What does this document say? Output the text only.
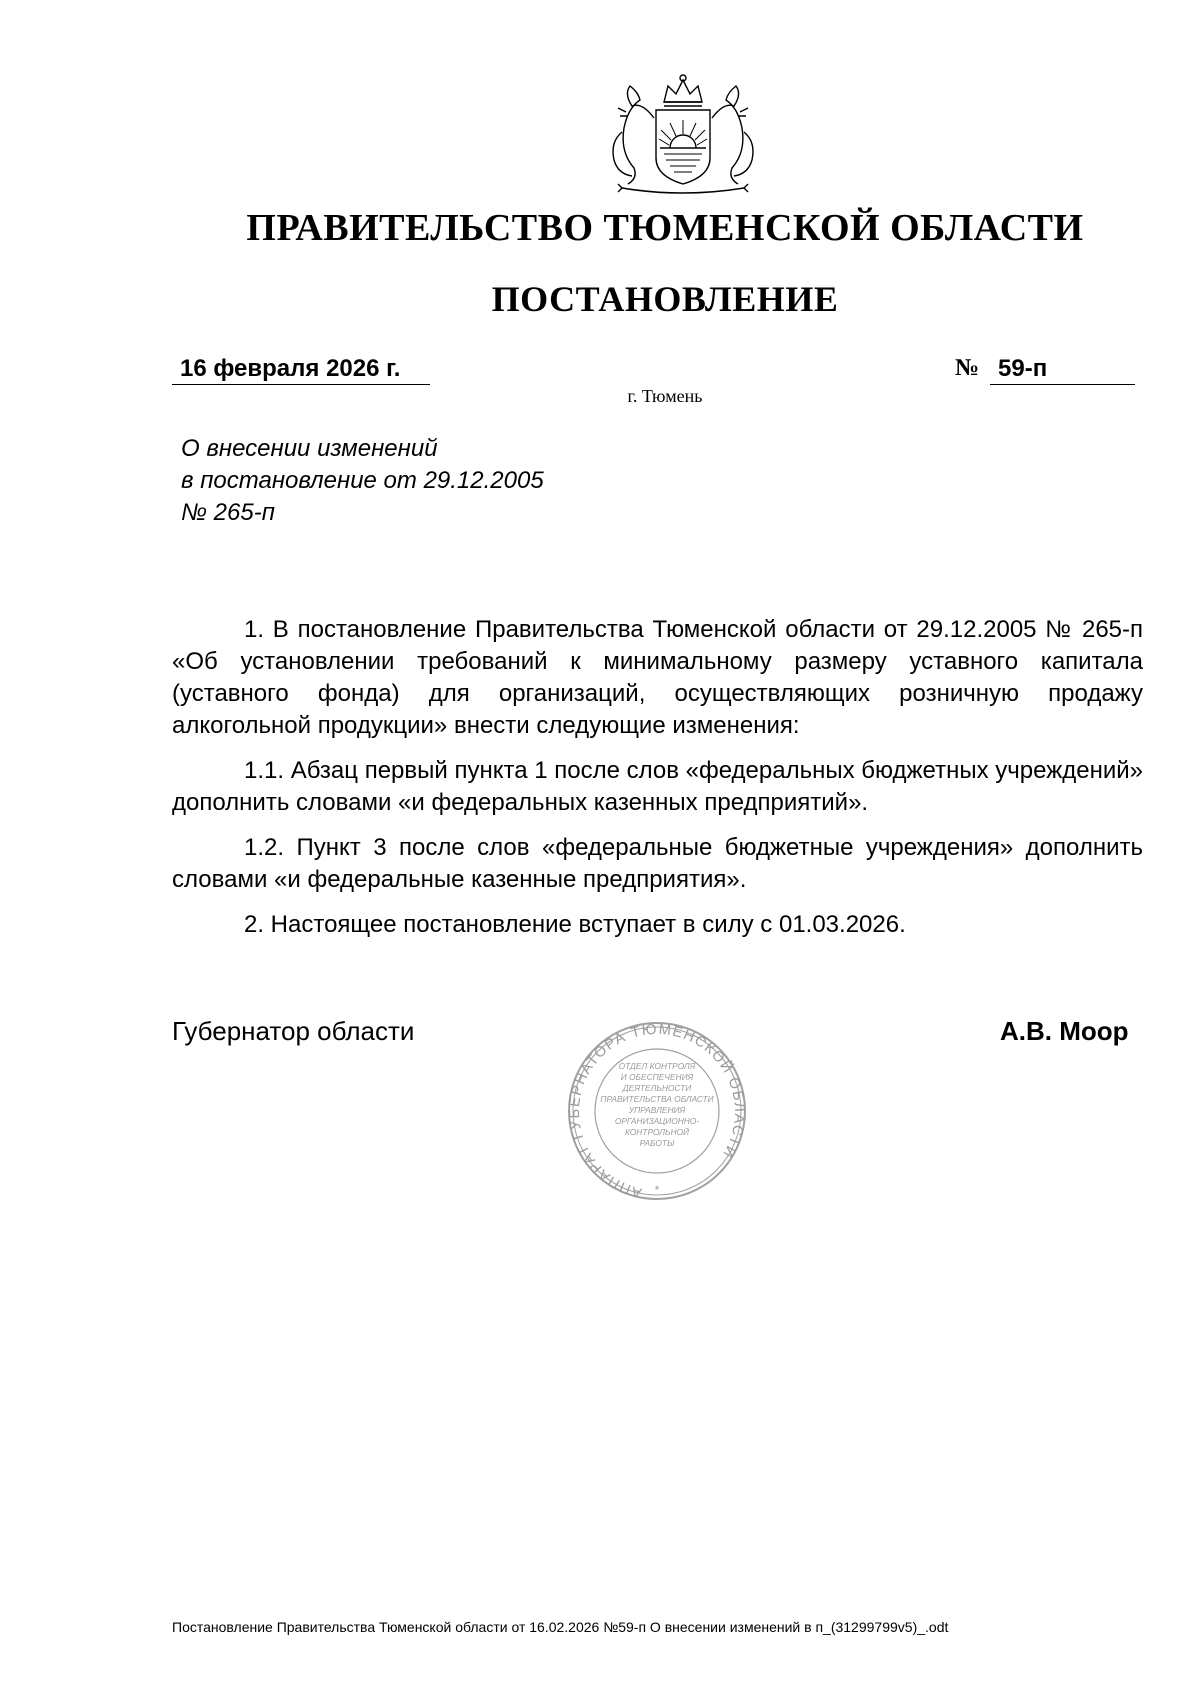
ПРАВИТЕЛЬСТВО ТЮМЕНСКОЙ ОБЛАСТИ
ПОСТАНОВЛЕНИЕ
16 февраля 2026 г.	№ 59-п
г. Тюмень
О внесении изменений
в постановление от 29.12.2005
№ 265-п

1. В постановление Правительства Тюменской области от 29.12.2005 № 265-п «Об установлении требований к минимальному размеру уставного капитала (уставного фонда) для организаций, осуществляющих розничную продажу алкогольной продукции» внести следующие изменения:

1.1. Абзац первый пункта 1 после слов «федеральных бюджетных учреждений» дополнить словами «и федеральных казенных предприятий».

1.2. Пункт 3 после слов «федеральные бюджетные учреждения» дополнить словами «и федеральные казенные предприятия».

2. Настоящее постановление вступает в силу с 01.03.2026.

Губернатор области	А.В. Моор
АППАРАТ ГУБЕРНАТОРА ТЮМЕНСКОЙ ОБЛАСТИ
*
ОТДЕЛ КОНТРОЛЯ
И ОБЕСПЕЧЕНИЯ
ДЕЯТЕЛЬНОСТИ
ПРАВИТЕЛЬСТВА ОБЛАСТИ
УПРАВЛЕНИЯ
ОРГАНИЗАЦИОННО-
КОНТРОЛЬНОЙ
РАБОТЫ
Постановление Правительства Тюменской области от 16.02.2026 №59-п О внесении изменений в п_(31299799v5)_.odt
